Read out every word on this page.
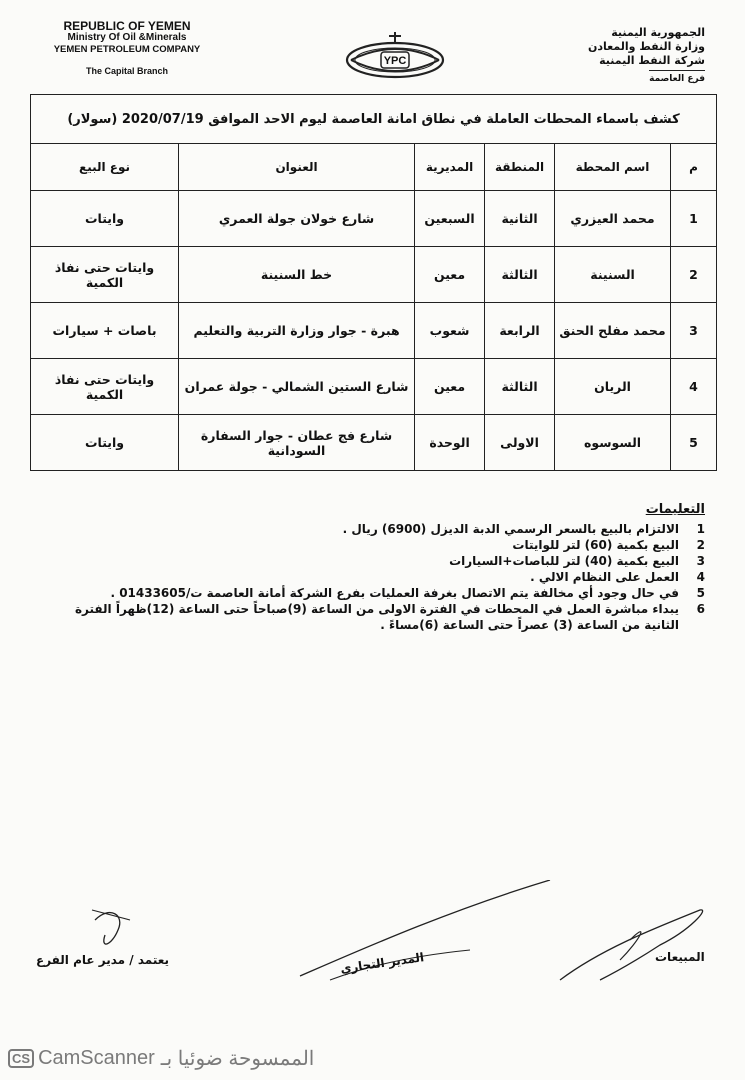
REPUBLIC OF YEMEN
Ministry Of Oil &Minerals
YEMEN PETROLEUM COMPANY
The Capital Branch
YPC
الجمهورية اليمنية
وزارة النفط والمعادن
شركة النفط اليمنية
فرع العاصمة
كشف باسماء المحطات العاملة في نطاق امانة العاصمة ليوم الاحد الموافق 2020/07/19 (سولار)					
م	اسم المحطة	المنطقة	المديرية	العنوان	نوع البيع
1	محمد العيزري	الثانية	السبعين	شارع خولان جولة العمري	وايتات
2	السنينة	الثالثة	معين	خط السنينة	وايتات حتى نفاذ الكمية
3	محمد مفلح الحنق	الرابعة	شعوب	هبرة - جوار وزارة التربية والتعليم	باصات + سيارات
4	الريان	الثالثة	معين	شارع الستين الشمالي - جولة عمران	وايتات حتى نفاذ الكمية
5	السوسوه	الاولى	الوحدة	شارع فج عطان - جوار السفارة السودانية	وايتات
التعليمات
1
الالتزام بالبيع بالسعر الرسمي الدبة الديزل (6900) ريال .
2
البيع بكمية (60) لتر للوايتات
3
البيع بكمية (40) لتر للباصات+السيارات
4
العمل على النظام الالي .
5
في حال وجود أي مخالفة يتم الاتصال بغرفة العمليات بفرع الشركة أمانة العاصمة ت/01433605 .
6
يبداء مباشرة العمل في المحطات في الفترة الاولى من الساعة (9)صباحاً حتى الساعة (12)ظهراً الفترة الثانية من الساعة (3) عصراً حتى الساعة (6)مساءً .
المبيعات
المدير التجاري
يعتمد / مدير عام الفرع
CS CamScanner الممسوحة ضوئيا بـ
